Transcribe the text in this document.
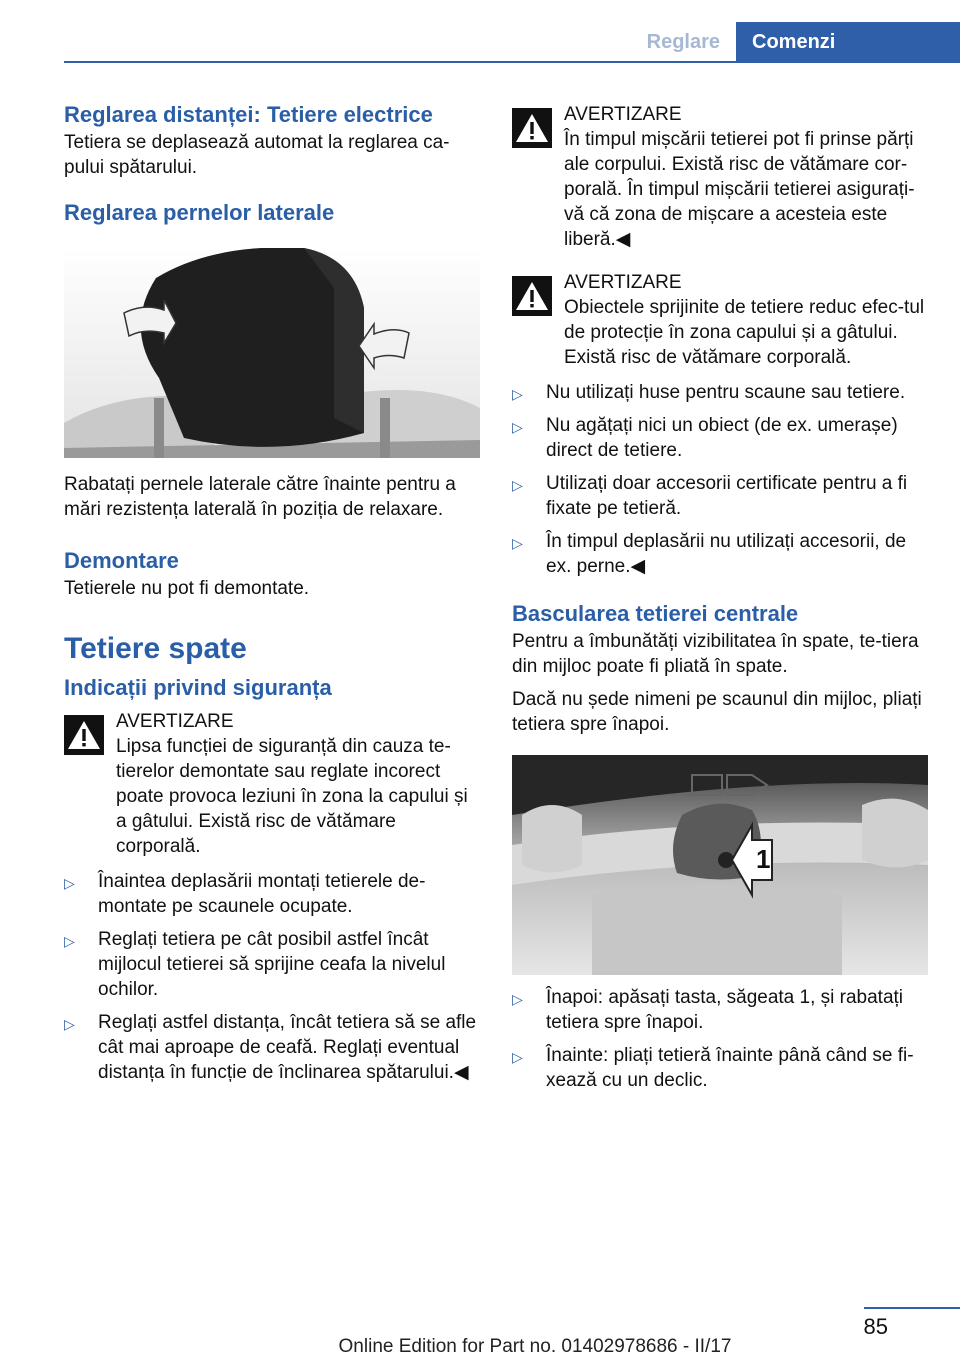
Reglare	Comenzi
Reglarea distanței: Tetiere electrice
Tetiera se deplasează automat la reglarea ca‐pului spătarului.
Reglarea pernelor laterale
Rabatați pernele laterale către înainte pentru a mări rezistența laterală în poziția de relaxare.
Demontare
Tetierele nu pot fi demontate.
Tetiere spate
Indicații privind siguranța
AVERTIZARE
Lipsa funcției de siguranță din cauza te‐tierelor demontate sau reglate incorect poate provoca leziuni în zona la capului și a gâtului. Există risc de vătămare corporală.
▷ Înaintea deplasării montați tetierele de‐montate pe scaunele ocupate.
▷ Reglați tetiera pe cât posibil astfel încât mijlocul tetierei să sprijine ceafa la nivelul ochilor.
▷ Reglați astfel distanța, încât tetiera să se afle cât mai aproape de ceafă. Reglați eventual distanța în funcție de înclinarea spătarului.◀
AVERTIZARE
În timpul mișcării tetierei pot fi prinse părți ale corpului. Există risc de vătămare cor‐porală. În timpul mișcării tetierei asigurați-vă că zona de mișcare a acesteia este liberă.◀
AVERTIZARE
Obiectele sprijinite de tetiere reduc efec‐tul de protecție în zona capului și a gâtului. Există risc de vătămare corporală.
▷ Nu utilizați huse pentru scaune sau tetiere.
▷ Nu agățați nici un obiect (de ex. umerașe) direct de tetiere.
▷ Utilizați doar accesorii certificate pentru a fi fixate pe tetieră.
▷ În timpul deplasării nu utilizați accesorii, de ex. perne.◀
Bascularea tetierei centrale
Pentru a îmbunătăți vizibilitatea în spate, te‐tiera din mijloc poate fi pliată în spate.
Dacă nu șede nimeni pe scaunul din mijloc, pliați tetiera spre înapoi.
1
▷ Înapoi: apăsați tasta, săgeata 1, și rabatați tetiera spre înapoi.
▷ Înainte: pliați tetieră înainte până când se fi‐xează cu un declic.
85
Online Edition for Part no. 01402978686 - II/17
